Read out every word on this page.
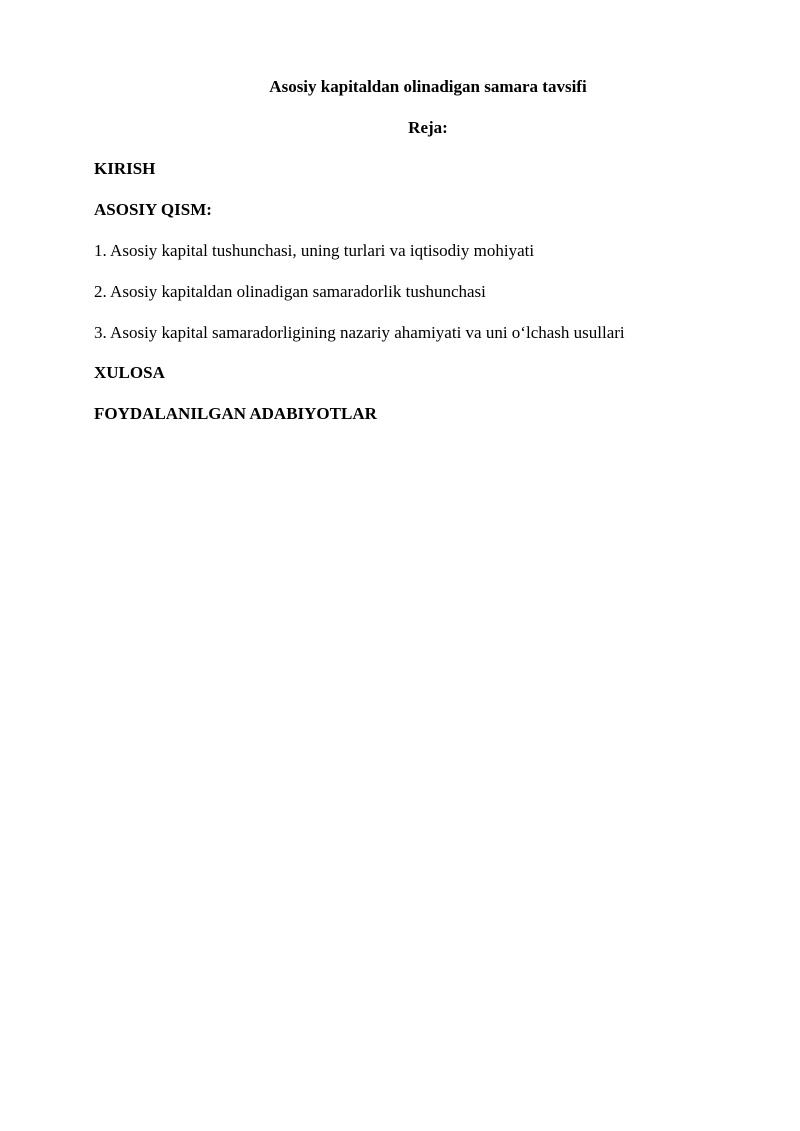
Asosiy kapitaldan olinadigan samara tavsifi
Reja:
KIRISH
ASOSIY QISM:
1. Asosiy kapital tushunchasi, uning turlari va iqtisodiy mohiyati
2. Asosiy kapitaldan olinadigan samaradorlik tushunchasi
3. Asosiy kapital samaradorligining nazariy ahamiyati va uni o‘lchash usullari
XULOSA
FOYDALANILGAN ADABIYOTLAR
